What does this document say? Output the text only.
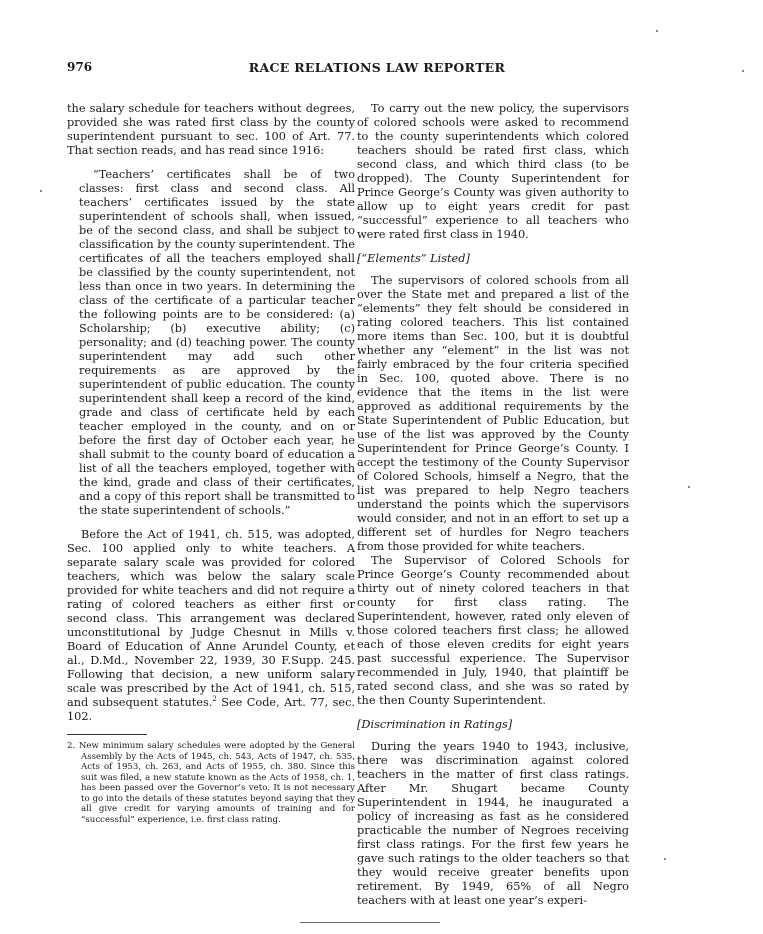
976	RACE RELATIONS LAW REPORTER

the salary schedule for teachers without degrees, provided she was rated first class by the county superintendent pursuant to sec. 100 of Art. 77. That section reads, and has read since 1916:

“Teachers’ certificates shall be of two classes: first class and second class. All teachers’ certificates issued by the state superintendent of schools shall, when issued, be of the second class, and shall be subject to classification by the county superintendent. The certificates of all the teachers employed shall be classified by the county superintendent, not less than once in two years. In determining the class of the certificate of a particular teacher the following points are to be considered: (a) Scholarship; (b) executive ability; (c) personality; and (d) teaching power. The county superintendent may add such other requirements as are approved by the superintendent of public education. The county superintendent shall keep a record of the kind, grade and class of certificate held by each teacher employed in the county, and on or before the first day of October each year, he shall submit to the county board of education a list of all the teachers employed, together with the kind, grade and class of their certificates, and a copy of this report shall be transmitted to the state superintendent of schools.”

Before the Act of 1941, ch. 515, was adopted, Sec. 100 applied only to white teachers. A separate salary scale was provided for colored teachers, which was below the salary scale provided for white teachers and did not require a rating of colored teachers as either first or second class. This arrangement was declared unconstitutional by Judge Chesnut in Mills v. Board of Education of Anne Arundel County, et al., D.Md., November 22, 1939, 30 F.Supp. 245. Following that decision, a new uniform salary scale was prescribed by the Act of 1941, ch. 515, and subsequent statutes.$^2$ See Code, Art. 77, sec. 102.

2. New minimum salary schedules were adopted by the General Assembly by the Acts of 1945, ch. 543, Acts of 1947, ch. 535, Acts of 1953, ch. 263, and Acts of 1955, ch. 380. Since this suit was filed, a new statute known as the Acts of 1958, ch. 1, has been passed over the Governor’s veto. It is not necessary to go into the details of these statutes beyond saying that they all give credit for varying amounts of training and for “successful” experience, i.e. first class rating.

To carry out the new policy, the supervisors of colored schools were asked to recommend to the county superintendents which colored teachers should be rated first class, which second class, and which third class (to be dropped). The County Superintendent for Prince George’s County was given authority to allow up to eight years credit for past “successful” experience to all teachers who were rated first class in 1940.

[“Elements” Listed]

The supervisors of colored schools from all over the State met and prepared a list of the “elements” they felt should be considered in rating colored teachers. This list contained more items than Sec. 100, but it is doubtful whether any “element” in the list was not fairly embraced by the four criteria specified in Sec. 100, quoted above. There is no evidence that the items in the list were approved as additional requirements by the State Superintendent of Public Education, but use of the list was approved by the County Superintendent for Prince George’s County. I accept the testimony of the County Supervisor of Colored Schools, himself a Negro, that the list was prepared to help Negro teachers understand the points which the supervisors would consider, and not in an effort to set up a different set of hurdles for Negro teachers from those provided for white teachers.

The Supervisor of Colored Schools for Prince George’s County recommended about thirty out of ninety colored teachers in that county for first class rating. The Superintendent, however, rated only eleven of those colored teachers first class; he allowed each of those eleven credits for eight years past successful experience. The Supervisor recommended in July, 1940, that plaintiff be rated second class, and she was so rated by the then County Superintendent.

[Discrimination in Ratings]

During the years 1940 to 1943, inclusive, there was discrimination against colored teachers in the matter of first class ratings. After Mr. Shugart became County Superintendent in 1944, he inaugurated a policy of increasing as fast as he considered practicable the number of Negroes receiving first class ratings. For the first few years he gave such ratings to the older teachers so that they would receive greater benefits upon retirement. By 1949, 65% of all Negro teachers with at least one year’s experi-
